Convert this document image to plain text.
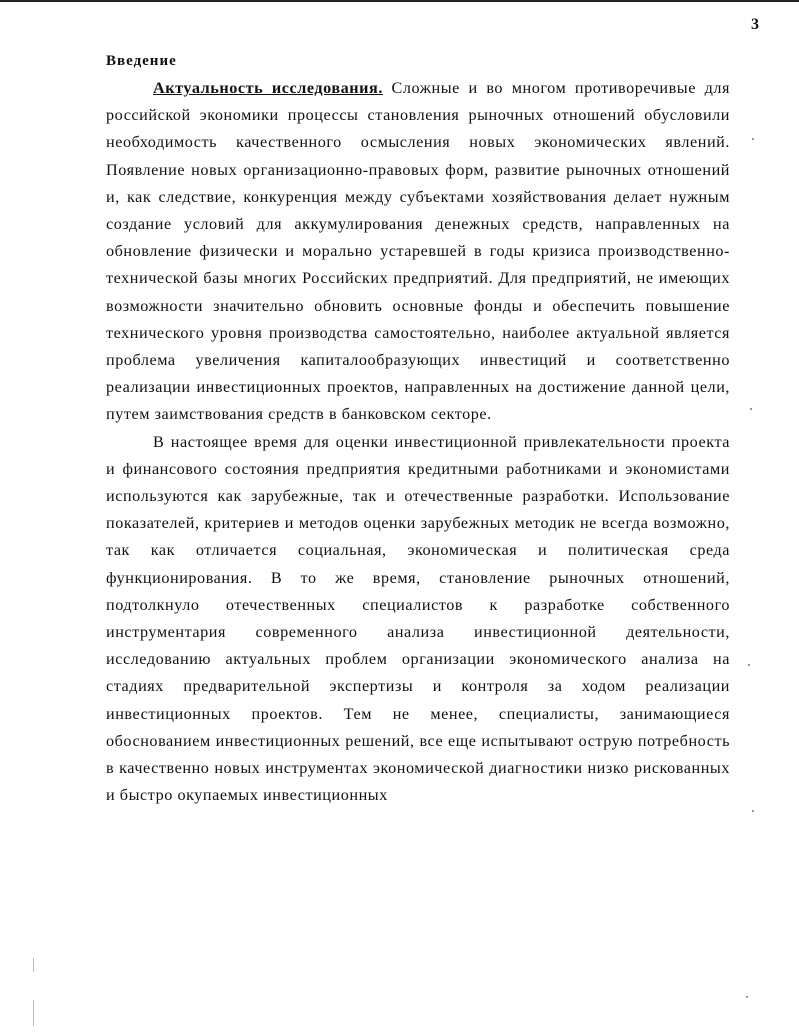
3

Введение

Актуальность исследования. Сложные и во многом противоречивые для российской экономики процессы становления рыночных отношений обусловили необходимость качественного осмысления новых экономических явлений. Появление новых организационно-правовых форм, развитие рыночных отношений и, как следствие, конкуренция между субъектами хозяйствования делает нужным создание условий для аккумулирования денежных средств, направленных на обновление физически и морально устаревшей в годы кризиса производственно-технической базы многих Российских предприятий. Для предприятий, не имеющих возможности значительно обновить основные фонды и обеспечить повышение технического уровня производства самостоятельно, наиболее актуальной является проблема увеличения капиталообразующих инвестиций и соответственно реализации инвестиционных проектов, направленных на достижение данной цели, путем заимствования средств в банковском секторе.

В настоящее время для оценки инвестиционной привлекательности проекта и финансового состояния предприятия кредитными работниками и экономистами используются как зарубежные, так и отечественные разработки. Использование показателей, критериев и методов оценки зарубежных методик не всегда возможно, так как отличается социальная, экономическая и политическая среда функционирования. В то же время, становление рыночных отношений, подтолкнуло отечественных специалистов к разработке собственного инструментария современного анализа инвестиционной деятельности, исследованию актуальных проблем организации экономического анализа на стадиях предварительной экспертизы и контроля за ходом реализации инвестиционных проектов. Тем не менее, специалисты, занимающиеся обоснованием инвестиционных решений, все еще испытывают острую потребность в качественно новых инструментах экономической диагностики низко рискованных и быстро окупаемых инвестиционных
